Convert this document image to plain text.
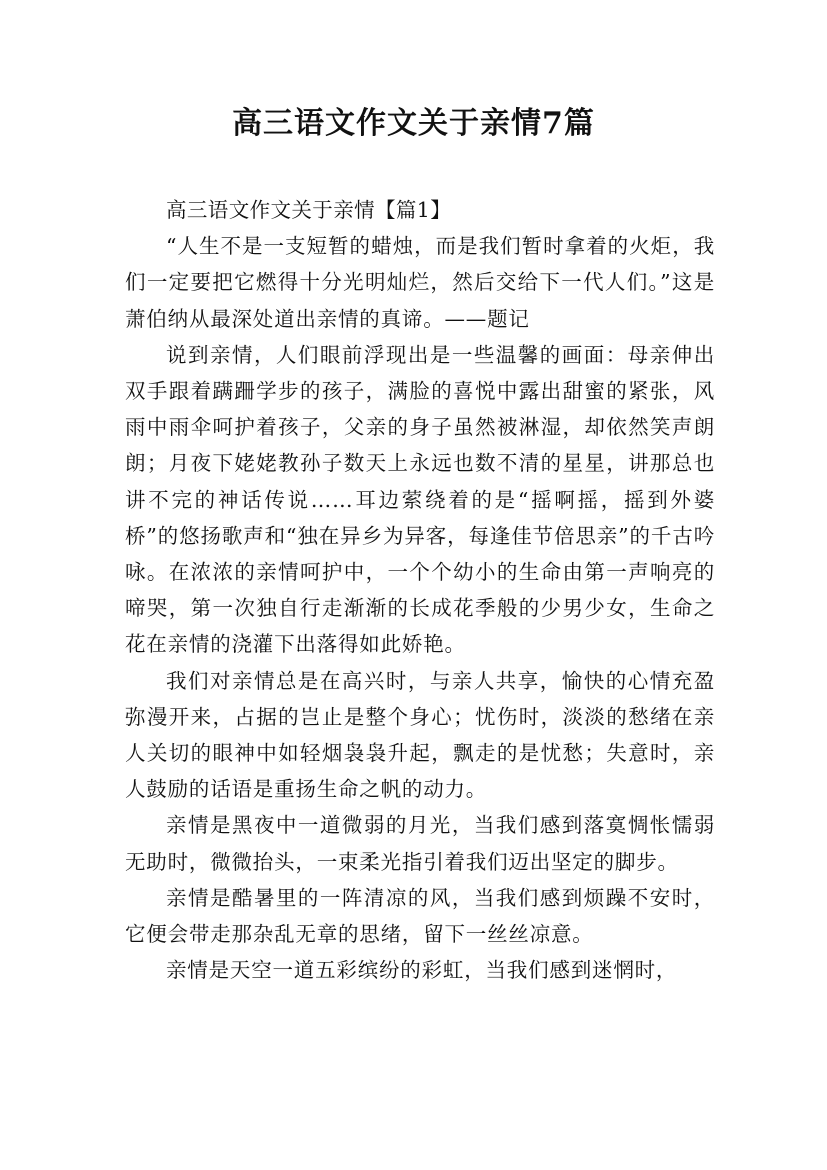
高三语文作文关于亲情7篇

高三语文作文关于亲情【篇1】

“人生不是一支短暂的蜡烛，而是我们暂时拿着的火炬，我们一定要把它燃得十分光明灿烂，然后交给下一代人们。”这是萧伯纳从最深处道出亲情的真谛。——题记

说到亲情，人们眼前浮现出是一些温馨的画面：母亲伸出双手跟着蹒跚学步的孩子，满脸的喜悦中露出甜蜜的紧张，风雨中雨伞呵护着孩子，父亲的身子虽然被淋湿，却依然笑声朗朗；月夜下姥姥教孙子数天上永远也数不清的星星，讲那总也讲不完的神话传说……耳边萦绕着的是“摇啊摇，摇到外婆桥”的悠扬歌声和“独在异乡为异客，每逢佳节倍思亲”的千古吟咏。在浓浓的亲情呵护中，一个个幼小的生命由第一声响亮的啼哭，第一次独自行走渐渐的长成花季般的少男少女，生命之花在亲情的浇灌下出落得如此娇艳。

我们对亲情总是在高兴时，与亲人共享，愉快的心情充盈弥漫开来，占据的岂止是整个身心；忧伤时，淡淡的愁绪在亲人关切的眼神中如轻烟袅袅升起，飘走的是忧愁；失意时，亲人鼓励的话语是重扬生命之帆的动力。

亲情是黑夜中一道微弱的月光，当我们感到落寞惆怅懦弱无助时，微微抬头，一束柔光指引着我们迈出坚定的脚步。

亲情是酷暑里的一阵清凉的风，当我们感到烦躁不安时，它便会带走那杂乱无章的思绪，留下一丝丝凉意。

亲情是天空一道五彩缤纷的彩虹，当我们感到迷惘时，
